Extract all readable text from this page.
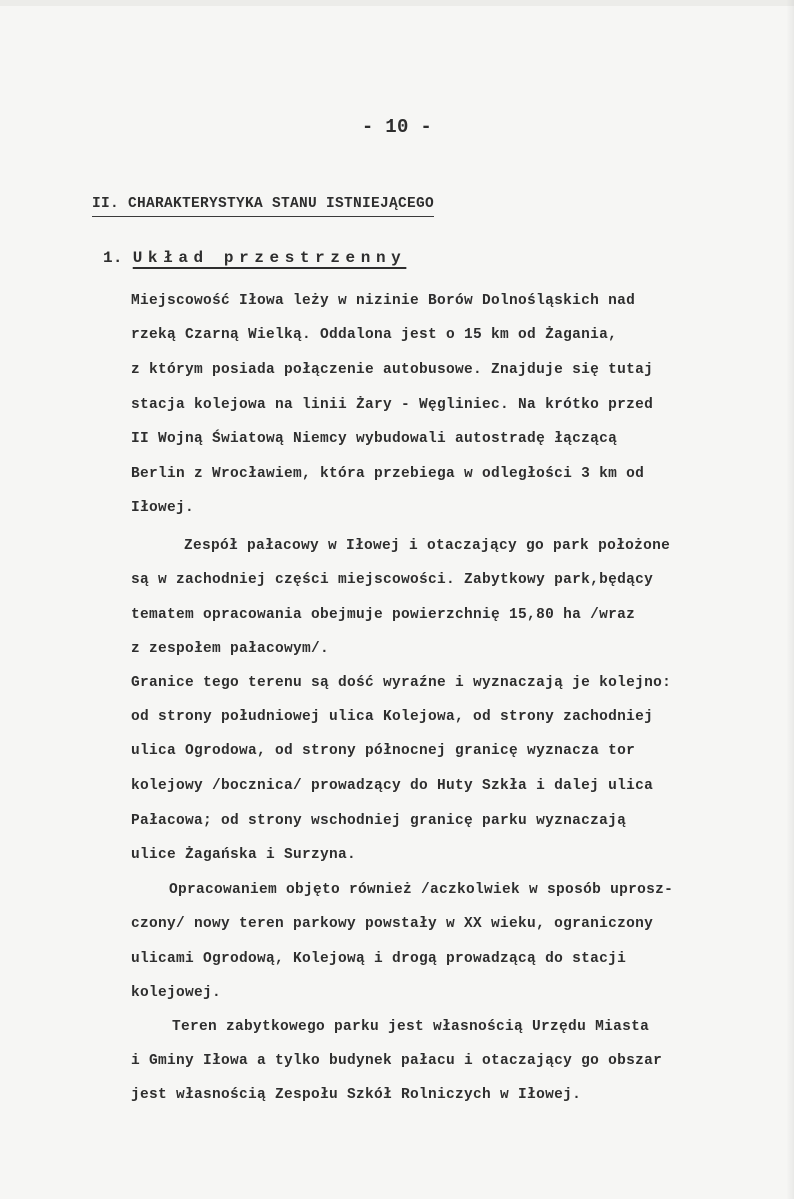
- 10 -
II. CHARAKTERYSTYKA STANU ISTNIEJĄCEGO
1. Układ przestrzenny
Miejscowość Iłowa leży w nizinie Borów Dolnośląskich nad
rzeką Czarną Wielką. Oddalona jest o 15 km od Żagania,
z którym posiada połączenie autobusowe. Znajduje się tutaj
stacja kolejowa na linii Żary - Węgliniec. Na krótko przed
II Wojną Światową Niemcy wybudowali autostradę łączącą
Berlin z Wrocławiem, która przebiega w odległości 3 km od
Iłowej.
Zespół pałacowy w Iłowej i otaczający go park położone
są w zachodniej części miejscowości. Zabytkowy park,będący
tematem opracowania obejmuje powierzchnię 15,80 ha /wraz
z zespołem pałacowym/.
Granice tego terenu są dość wyraźne i wyznaczają je kolejno:
od strony południowej ulica Kolejowa, od strony zachodniej
ulica Ogrodowa, od strony północnej granicę wyznacza tor
kolejowy /bocznica/ prowadzący do Huty Szkła i dalej ulica
Pałacowa; od strony wschodniej granicę parku wyznaczają
ulice Żagańska i Surzyna.
Opracowaniem objęto również /aczkolwiek w sposób uprosz-
czony/ nowy teren parkowy powstały w XX wieku, ograniczony
ulicami Ogrodową, Kolejową i drogą prowadzącą do stacji
kolejowej.
Teren zabytkowego parku jest własnością Urzędu Miasta
i Gminy Iłowa a tylko budynek pałacu i otaczający go obszar
jest własnością Zespołu Szkół Rolniczych w Iłowej.
